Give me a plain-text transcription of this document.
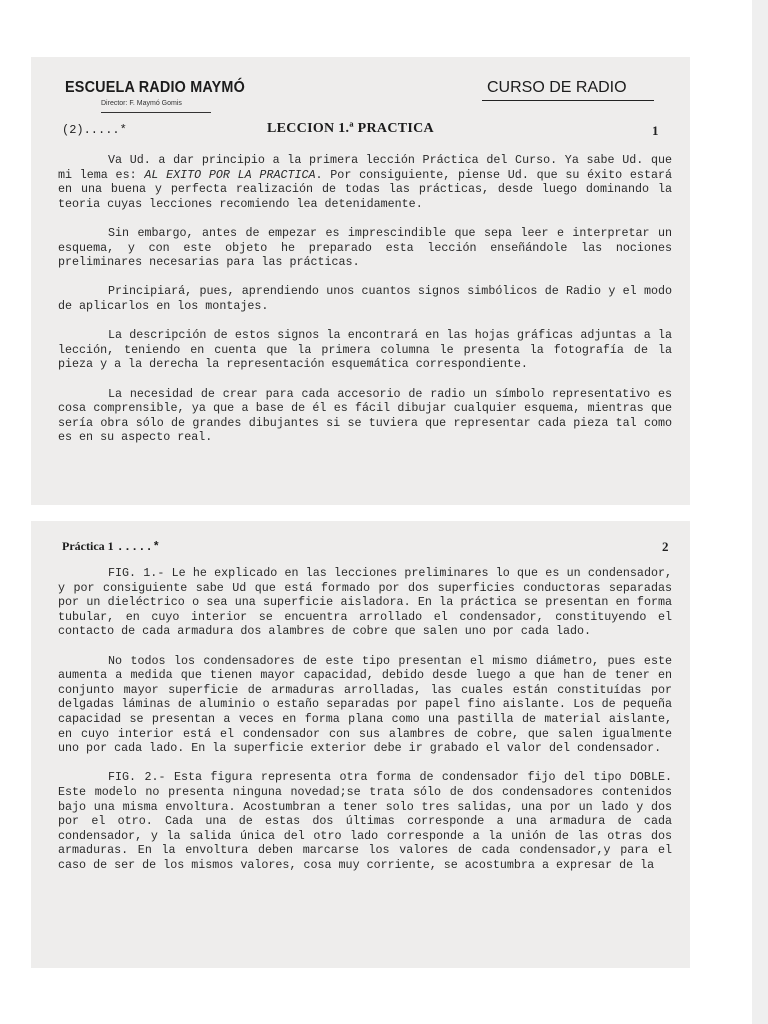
ESCUELA RADIO MAYMÓ
Director: F. Maymó Gomis
CURSO DE RADIO
(2).....*	LECCION 1.ª PRACTICA	1

Va Ud. a dar principio a la primera lección Práctica del Curso. Ya sabe Ud. que mi lema es: AL EXITO POR LA PRACTICA. Por consiguiente, piense Ud. que su éxito estará en una buena y perfecta realización de todas las prácticas, desde luego dominando la teoria cuyas lecciones recomiendo lea detenidamente.

Sin embargo, antes de empezar es imprescindible que sepa leer e interpretar un esquema, y con este objeto he preparado esta lección enseñándole las nociones preliminares necesarias para las prácticas.

Principiará, pues, aprendiendo unos cuantos signos simbólicos de Radio y el modo de aplicarlos en los montajes.

La descripción de estos signos la encontrará en las hojas gráficas adjuntas a la lección, teniendo en cuenta que la primera columna le presenta la fotografía de la pieza y a la derecha la representación esquemática correspondiente.

La necesidad de crear para cada accesorio de radio un símbolo representativo es cosa comprensible, ya que a base de él es fácil dibujar cualquier esquema, mientras que sería obra sólo de grandes dibujantes si se tuviera que representar cada pieza tal como es en su aspecto real.

Práctica 1 .....*	2

FIG. 1.- Le he explicado en las lecciones preliminares lo que es un condensador, y por consiguiente sabe Ud que está formado por dos superficies conductoras separadas por un dieléctrico o sea una superficie aisladora. En la práctica se presentan en forma tubular, en cuyo interior se encuentra arrollado el condensador, constituyendo el contacto de cada armadura dos alambres de cobre que salen uno por cada lado.

No todos los condensadores de este tipo presentan el mismo diámetro, pues este aumenta a medida que tienen mayor capacidad, debido desde luego a que han de tener en conjunto mayor superficie de armaduras arrolladas, las cuales están constituídas por delgadas láminas de aluminio o estaño separadas por papel fino aislante. Los de pequeña capacidad se presentan a veces en forma plana como una pastilla de material aislante, en cuyo interior está el condensador con sus alambres de cobre, que salen igualmente uno por cada lado. En la superficie exterior debe ir grabado el valor del condensador.

FIG. 2.- Esta figura representa otra forma de condensador fijo del tipo DOBLE. Este modelo no presenta ninguna novedad;se trata sólo de dos condensadores contenidos bajo una misma envoltura. Acostumbran a tener solo tres salidas, una por un lado y dos por el otro. Cada una de estas dos últimas corresponde a una armadura de cada condensador, y la salida única del otro lado corresponde a la unión de las otras dos armaduras. En la envoltura deben marcarse los valores de cada condensador,y para el caso de ser de los mismos valores, cosa muy corriente, se acostumbra a expresar de la
